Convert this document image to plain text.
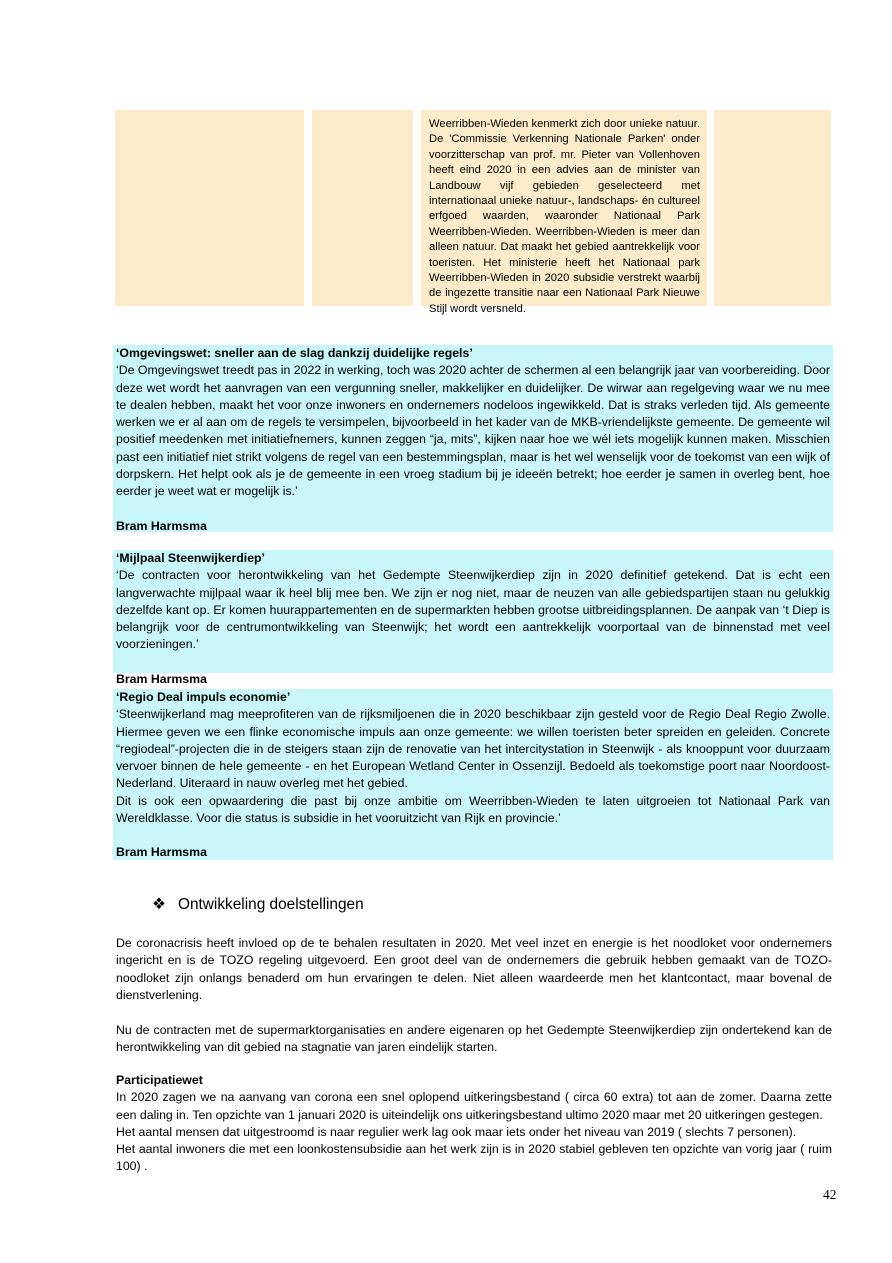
Weerribben-Wieden kenmerkt zich door unieke natuur. De 'Commissie Verkenning Nationale Parken' onder voorzitterschap van prof. mr. Pieter van Vollenhoven heeft eind 2020 in een advies aan de minister van Landbouw vijf gebieden geselecteerd met internationaal unieke natuur-, landschaps- én cultureel erfgoed waarden, waaronder Nationaal Park Weerribben-Wieden. Weerribben-Wieden is meer dan alleen natuur. Dat maakt het gebied aantrekkelijk voor toeristen. Het ministerie heeft het Nationaal park Weerribben-Wieden in 2020 subsidie verstrekt waarbij de ingezette transitie naar een Nationaal Park Nieuwe Stijl wordt versneld.

‘Omgevingswet: sneller aan de slag dankzij duidelijke regels’

‘De Omgevingswet treedt pas in 2022 in werking, toch was 2020 achter de schermen al een belangrijk jaar van voorbereiding. Door deze wet wordt het aanvragen van een vergunning sneller, makkelijker en duidelijker. De wirwar aan regelgeving waar we nu mee te dealen hebben, maakt het voor onze inwoners en ondernemers nodeloos ingewikkeld. Dat is straks verleden tijd. Als gemeente werken we er al aan om de regels te versimpelen, bijvoorbeeld in het kader van de MKB-vriendelijkste gemeente. De gemeente wil positief meedenken met initiatiefnemers, kunnen zeggen “ja, mits”, kijken naar hoe we wél iets mogelijk kunnen maken. Misschien past een initiatief niet strikt volgens de regel van een bestemmingsplan, maar is het wel wenselijk voor de toekomst van een wijk of dorpskern. Het helpt ook als je de gemeente in een vroeg stadium bij je ideeën betrekt; hoe eerder je samen in overleg bent, hoe eerder je weet wat er mogelijk is.’

Bram Harmsma

‘Mijlpaal Steenwijkerdiep’

‘De contracten voor herontwikkeling van het Gedempte Steenwijkerdiep zijn in 2020 definitief getekend. Dat is echt een langverwachte mijlpaal waar ik heel blij mee ben. We zijn er nog niet, maar de neuzen van alle gebiedspartijen staan nu gelukkig dezelfde kant op. Er komen huurappartementen en de supermarkten hebben grootse uitbreidingsplannen. De aanpak van ‘t Diep is belangrijk voor de centrumontwikkeling van Steenwijk; het wordt een aantrekkelijk voorportaal van de binnenstad met veel voorzieningen.’

Bram Harmsma

‘Regio Deal impuls economie’

‘Steenwijkerland mag meeprofiteren van de rijksmiljoenen die in 2020 beschikbaar zijn gesteld voor de Regio Deal Regio Zwolle. Hiermee geven we een flinke economische impuls aan onze gemeente: we willen toeristen beter spreiden en geleiden. Concrete “regiodeal”-projecten die in de steigers staan zijn de renovatie van het intercitystation in Steenwijk - als knooppunt voor duurzaam vervoer binnen de hele gemeente - en het European Wetland Center in Ossenzijl. Bedoeld als toekomstige poort naar Noordoost-Nederland. Uiteraard in nauw overleg met het gebied.

Dit is ook een opwaardering die past bij onze ambitie om Weerribben-Wieden te laten uitgroeien tot Nationaal Park van Wereldklasse. Voor die status is subsidie in het vooruitzicht van Rijk en provincie.’

Bram Harmsma

❖ Ontwikkeling doelstellingen

De coronacrisis heeft invloed op de te behalen resultaten in 2020. Met veel inzet en energie is het noodloket voor ondernemers ingericht en is de TOZO regeling uitgevoerd. Een groot deel van de ondernemers die gebruik hebben gemaakt van de TOZO-noodloket zijn onlangs benaderd om hun ervaringen te delen. Niet alleen waardeerde men het klantcontact, maar bovenal de dienstverlening.

Nu de contracten met de supermarktorganisaties en andere eigenaren op het Gedempte Steenwijkerdiep zijn ondertekend kan de herontwikkeling van dit gebied na stagnatie van jaren eindelijk starten.

Participatiewet

In 2020 zagen we na aanvang van corona een snel oplopend uitkeringsbestand ( circa 60 extra) tot aan de zomer. Daarna zette een daling in. Ten opzichte van 1 januari 2020 is uiteindelijk ons uitkeringsbestand ultimo 2020 maar met 20 uitkeringen gestegen.

Het aantal mensen dat uitgestroomd is naar regulier werk lag ook maar iets onder het niveau van 2019 ( slechts 7 personen).

Het aantal inwoners die met een loonkostensubsidie aan het werk zijn is in 2020 stabiel gebleven ten opzichte van vorig jaar ( ruim 100) .

42
